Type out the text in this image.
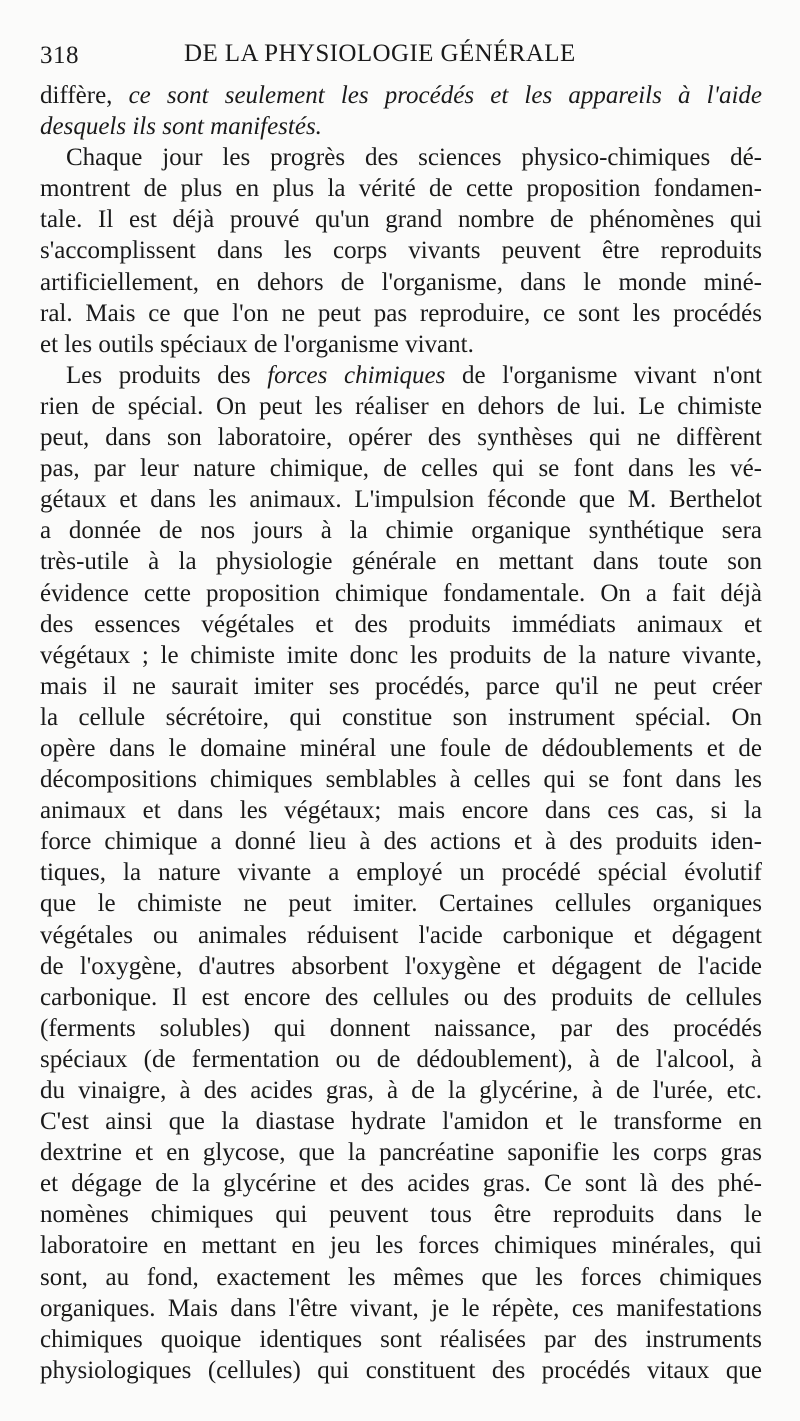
318	DE LA PHYSIOLOGIE GÉNÉRALE
diffère, ce sont seulement les procédés et les appareils à l'aide
desquels ils sont manifestés.
Chaque jour les progrès des sciences physico-chimiques dé-
montrent de plus en plus la vérité de cette proposition fondamen-
tale. Il est déjà prouvé qu'un grand nombre de phénomènes qui
s'accomplissent dans les corps vivants peuvent être reproduits
artificiellement, en dehors de l'organisme, dans le monde miné-
ral. Mais ce que l'on ne peut pas reproduire, ce sont les procédés
et les outils spéciaux de l'organisme vivant.
Les produits des forces chimiques de l'organisme vivant n'ont
rien de spécial. On peut les réaliser en dehors de lui. Le chimiste
peut, dans son laboratoire, opérer des synthèses qui ne diffèrent
pas, par leur nature chimique, de celles qui se font dans les vé-
gétaux et dans les animaux. L'impulsion féconde que M. Berthelot
a donnée de nos jours à la chimie organique synthétique sera
très-utile à la physiologie générale en mettant dans toute son
évidence cette proposition chimique fondamentale. On a fait déjà
des essences végétales et des produits immédiats animaux et
végétaux ; le chimiste imite donc les produits de la nature vivante,
mais il ne saurait imiter ses procédés, parce qu'il ne peut créer
la cellule sécrétoire, qui constitue son instrument spécial. On
opère dans le domaine minéral une foule de dédoublements et de
décompositions chimiques semblables à celles qui se font dans les
animaux et dans les végétaux; mais encore dans ces cas, si la
force chimique a donné lieu à des actions et à des produits iden-
tiques, la nature vivante a employé un procédé spécial évolutif
que le chimiste ne peut imiter. Certaines cellules organiques
végétales ou animales réduisent l'acide carbonique et dégagent
de l'oxygène, d'autres absorbent l'oxygène et dégagent de l'acide
carbonique. Il est encore des cellules ou des produits de cellules
(ferments solubles) qui donnent naissance, par des procédés
spéciaux (de fermentation ou de dédoublement), à de l'alcool, à
du vinaigre, à des acides gras, à de la glycérine, à de l'urée, etc.
C'est ainsi que la diastase hydrate l'amidon et le transforme en
dextrine et en glycose, que la pancréatine saponifie les corps gras
et dégage de la glycérine et des acides gras. Ce sont là des phé-
nomènes chimiques qui peuvent tous être reproduits dans le
laboratoire en mettant en jeu les forces chimiques minérales, qui
sont, au fond, exactement les mêmes que les forces chimiques
organiques. Mais dans l'être vivant, je le répète, ces manifestations
chimiques quoique identiques sont réalisées par des instruments
physiologiques (cellules) qui constituent des procédés vitaux que
